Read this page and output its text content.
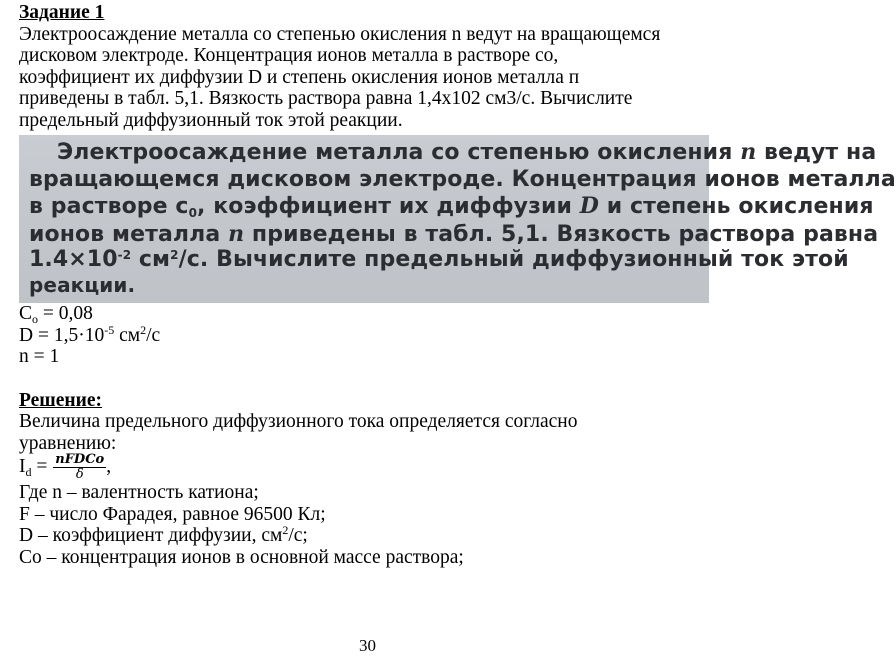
Задание 1

Электроосаждение металла со степенью окисления n ведут на вращающемся

дисковом электроде. Концентрация ионов металла в растворе со,

коэффициент их диффузии D и степень окисления ионов металла п

приведены в табл. 5,1. Вязкость раствора равна 1,4х102 см3/с. Вычислите

предельный диффузионный ток этой реакции.

Электроосаждение металла со степенью окисления n ведут на
вращающемся дисковом электроде. Концентрация ионов металла
в растворе $c_0$, коэффициент их диффузии D и степень окисления
ионов металла n приведены в табл. 5,1. Вязкость раствора равна
$1.4\times 10^{-2}$ $см^2/с$. Вычислите предельный диффузионный ток этой
реакции.

$C_o = 0,08$

$D = 1,5\cdot 10^{-5}$ $см^2/с$

n = 1

Решение:

Величина предельного диффузионного тока определяется согласно

уравнению:

$I_d = \frac{\text{nFDCo}}{\delta}$ ,

Где n – валентность катиона;

F – число Фарадея, равное 96500 Кл;

D – коэффициент диффузии, $см^2/с$;

Со – концентрация ионов в основной массе раствора;

30
